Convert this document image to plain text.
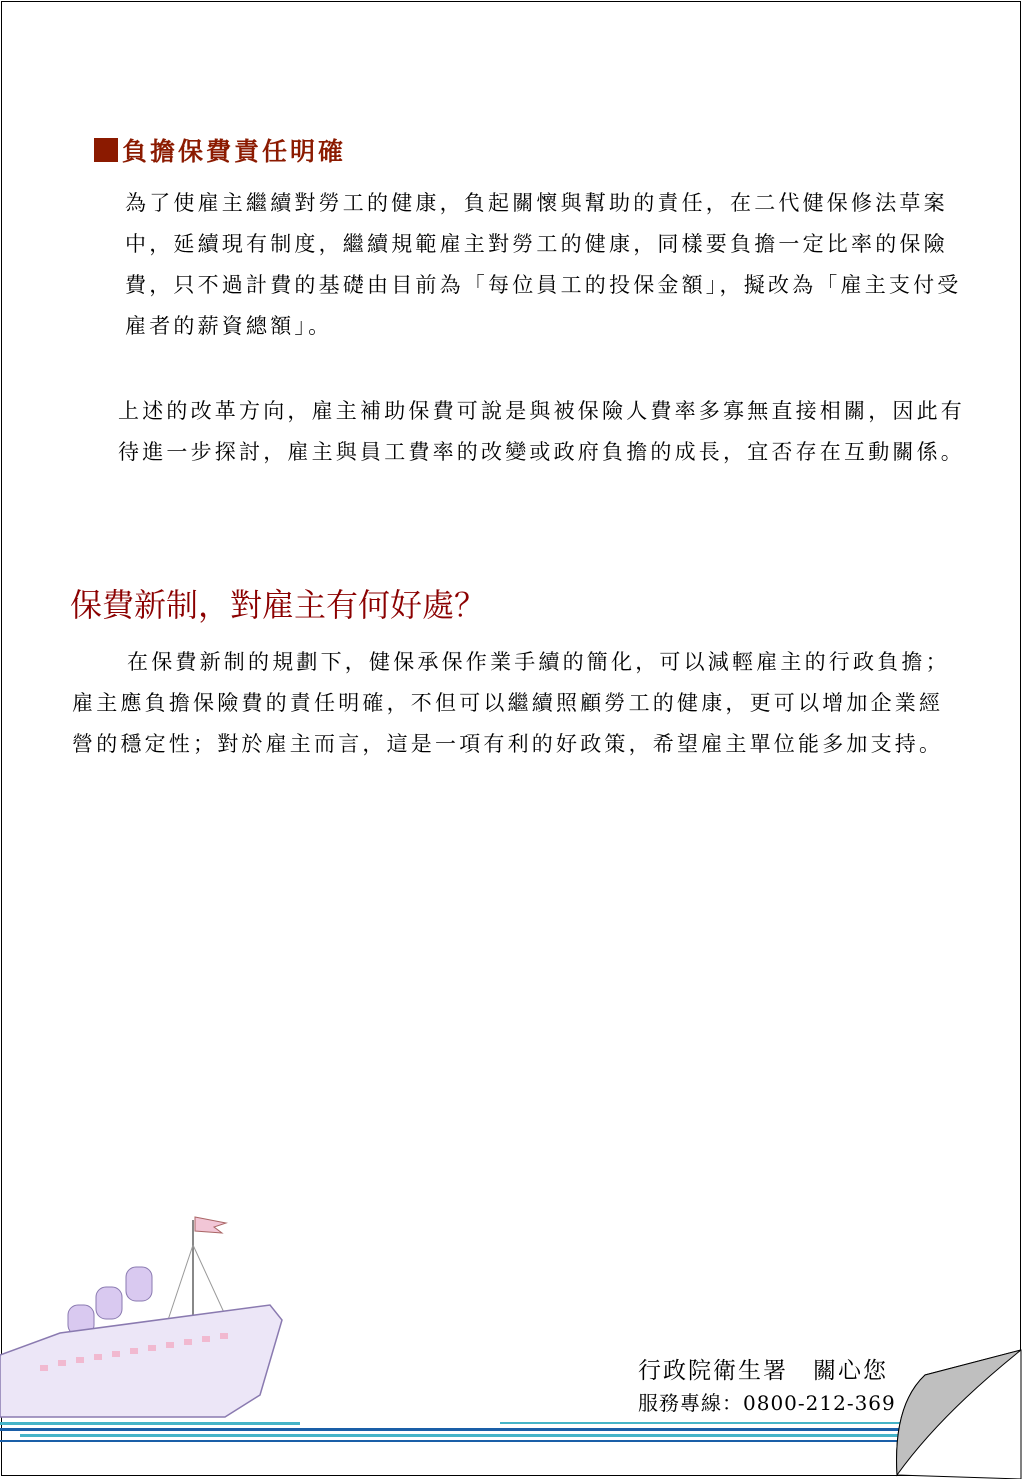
負擔保費責任明確

為了使雇主繼續對勞工的健康，負起關懷與幫助的責任，在二代健保修法草案中，延續現有制度，繼續規範雇主對勞工的健康，同樣要負擔一定比率的保險費，只不過計費的基礎由目前為「每位員工的投保金額」，擬改為「雇主支付受雇者的薪資總額」。

上述的改革方向，雇主補助保費可說是與被保險人費率多寡無直接相關，因此有待進一步探討，雇主與員工費率的改變或政府負擔的成長，宜否存在互動關係。

保費新制，對雇主有何好處？

在保費新制的規劃下，健保承保作業手續的簡化，可以減輕雇主的行政負擔；雇主應負擔保險費的責任明確，不但可以繼續照顧勞工的健康，更可以增加企業經營的穩定性；對於雇主而言，這是一項有利的好政策，希望雇主單位能多加支持。

行政院衛生署　關心您
服務專線：0800-212-369
